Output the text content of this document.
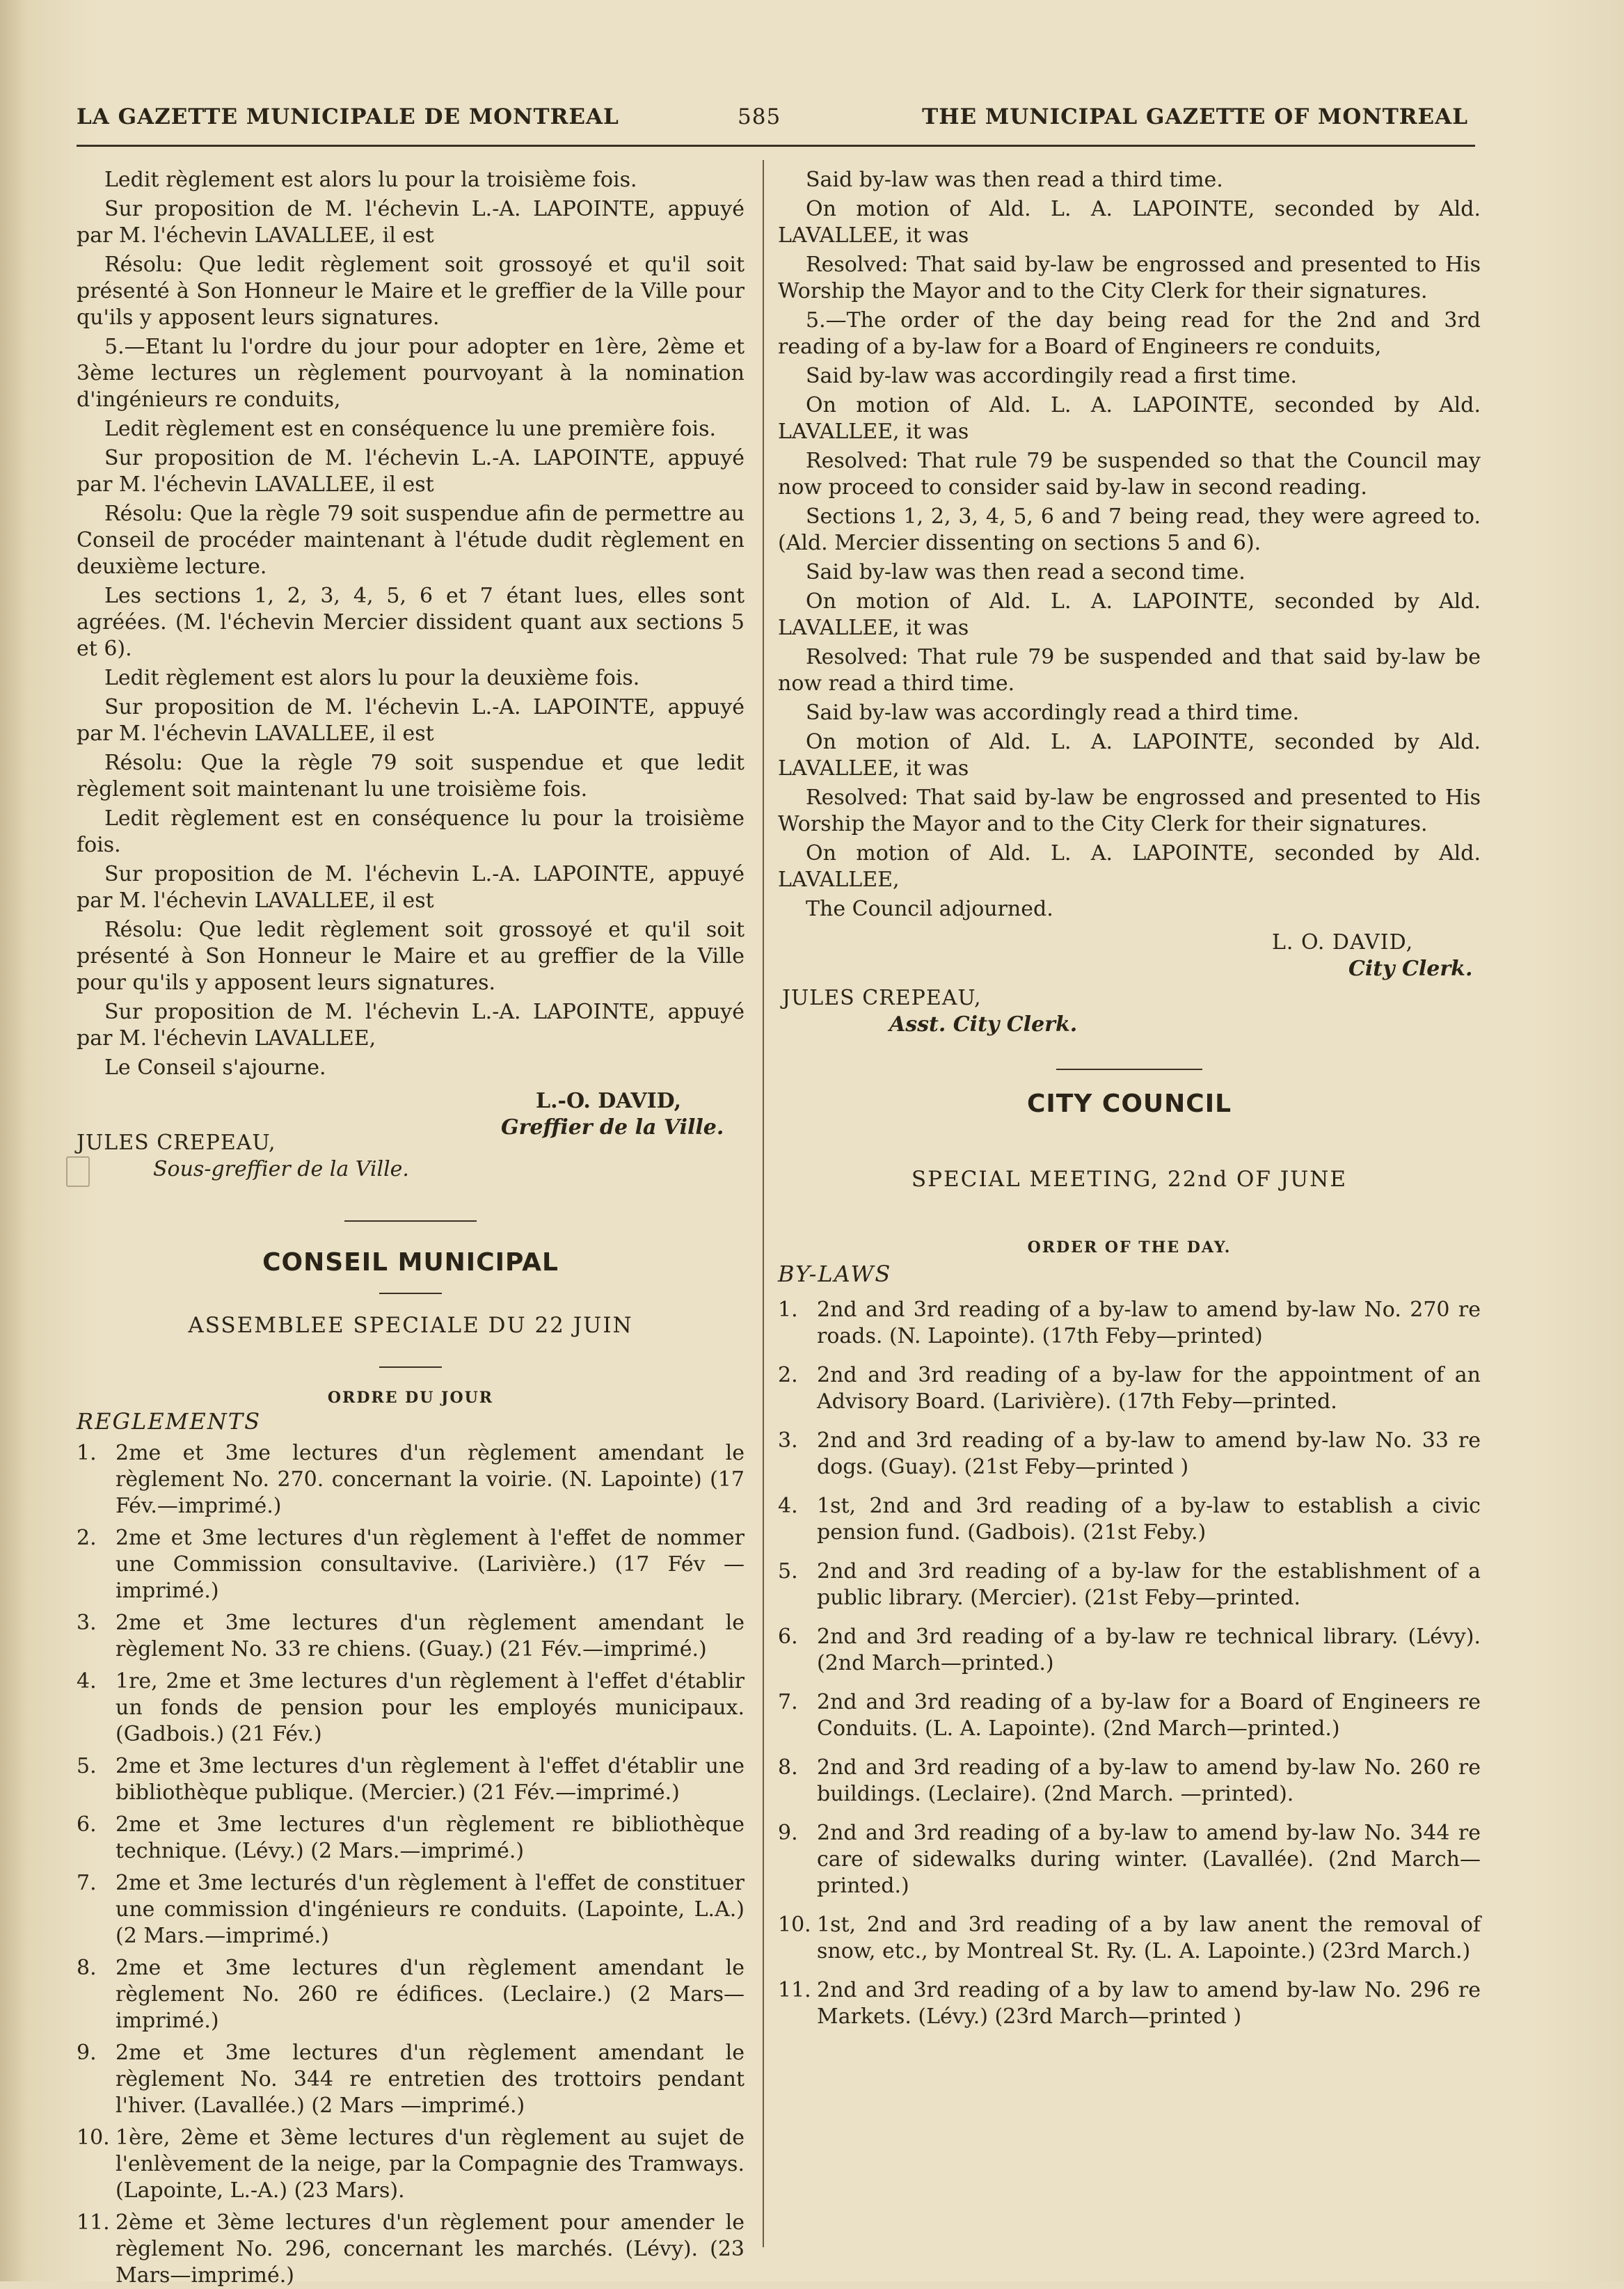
LA GAZETTE MUNICIPALE DE MONTREAL	585	THE MUNICIPAL GAZETTE OF MONTREAL

Ledit règlement est alors lu pour la troisième fois.

Sur proposition de M. l'échevin L.-A. LAPOINTE, appuyé par M. l'échevin LAVALLEE, il est

Résolu: Que ledit règlement soit grossoyé et qu'il soit présenté à Son Honneur le Maire et le greffier de la Ville pour qu'ils y apposent leurs signatures.

5.—Etant lu l'ordre du jour pour adopter en 1ère, 2ème et 3ème lectures un règlement pourvoyant à la nomination d'ingénieurs re conduits,

Ledit règlement est en conséquence lu une première fois.

Sur proposition de M. l'échevin L.-A. LAPOINTE, appuyé par M. l'échevin LAVALLEE, il est

Résolu: Que la règle 79 soit suspendue afin de permettre au Conseil de procéder maintenant à l'étude dudit règlement en deuxième lecture.

Les sections 1, 2, 3, 4, 5, 6 et 7 étant lues, elles sont agréées. (M. l'échevin Mercier dissident quant aux sections 5 et 6).

Ledit règlement est alors lu pour la deuxième fois.

Sur proposition de M. l'échevin L.-A. LAPOINTE, appuyé par M. l'échevin LAVALLEE, il est

Résolu: Que la règle 79 soit suspendue et que ledit règlement soit maintenant lu une troisième fois.

Ledit règlement est en conséquence lu pour la troisième fois.

Sur proposition de M. l'échevin L.-A. LAPOINTE, appuyé par M. l'échevin LAVALLEE, il est

Résolu: Que ledit règlement soit grossoyé et qu'il soit présenté à Son Honneur le Maire et au greffier de la Ville pour qu'ils y apposent leurs signatures.

Sur proposition de M. l'échevin L.-A. LAPOINTE, appuyé par M. l'échevin LAVALLEE,

Le Conseil s'ajourne.

L.-O. DAVID,
Greffier de la Ville.
JULES CREPEAU,
Sous-greffier de la Ville.
CONSEIL MUNICIPAL
ASSEMBLEE SPECIALE DU 22 JUIN
ORDRE DU JOUR
REGLEMENTS
1. 2me et 3me lectures d'un règlement amendant le règlement No. 270. concernant la voirie. (N. Lapointe) (17 Fév.—imprimé.)
2. 2me et 3me lectures d'un règlement à l'effet de nommer une Commission consultavive. (Larivière.) (17 Fév —imprimé.)
3. 2me et 3me lectures d'un règlement amendant le règlement No. 33 re chiens. (Guay.) (21 Fév.—imprimé.)
4. 1re, 2me et 3me lectures d'un règlement à l'effet d'établir un fonds de pension pour les employés municipaux. (Gadbois.) (21 Fév.)
5. 2me et 3me lectures d'un règlement à l'effet d'établir une bibliothèque publique. (Mercier.) (21 Fév.—imprimé.)
6. 2me et 3me lectures d'un règlement re bibliothèque technique. (Lévy.) (2 Mars.—imprimé.)
7. 2me et 3me lecturés d'un règlement à l'effet de constituer une commission d'ingénieurs re conduits. (Lapointe, L.A.) (2 Mars.—imprimé.)
8. 2me et 3me lectures d'un règlement amendant le règlement No. 260 re édifices. (Leclaire.) (2 Mars—imprimé.)
9. 2me et 3me lectures d'un règlement amendant le règlement No. 344 re entretien des trottoirs pendant l'hiver. (Lavallée.) (2 Mars —imprimé.)
10. 1ère, 2ème et 3ème lectures d'un règlement au sujet de l'enlèvement de la neige, par la Compagnie des Tramways. (Lapointe, L.-A.) (23 Mars).
11. 2ème et 3ème lectures d'un règlement pour amender le règlement No. 296, concernant les marchés. (Lévy). (23 Mars—imprimé.)

Said by-law was then read a third time.

On motion of Ald. L. A. LAPOINTE, seconded by Ald. LAVALLEE, it was

Resolved: That said by-law be engrossed and presented to His Worship the Mayor and to the City Clerk for their signatures.

5.—The order of the day being read for the 2nd and 3rd reading of a by-law for a Board of Engineers re conduits,

Said by-law was accordingily read a first time.

On motion of Ald. L. A. LAPOINTE, seconded by Ald. LAVALLEE, it was

Resolved: That rule 79 be suspended so that the Council may now proceed to consider said by-law in second reading.

Sections 1, 2, 3, 4, 5, 6 and 7 being read, they were agreed to. (Ald. Mercier dissenting on sections 5 and 6).

Said by-law was then read a second time.

On motion of Ald. L. A. LAPOINTE, seconded by Ald. LAVALLEE, it was

Resolved: That rule 79 be suspended and that said by-law be now read a third time.

Said by-law was accordingly read a third time.

On motion of Ald. L. A. LAPOINTE, seconded by Ald. LAVALLEE, it was

Resolved: That said by-law be engrossed and presented to His Worship the Mayor and to the City Clerk for their signatures.

On motion of Ald. L. A. LAPOINTE, seconded by Ald. LAVALLEE,

The Council adjourned.

L. O. DAVID,
City Clerk.
JULES CREPEAU,
Asst. City Clerk.
CITY COUNCIL
SPECIAL MEETING, 22nd OF JUNE
ORDER OF THE DAY.
BY-LAWS
1. 2nd and 3rd reading of a by-law to amend by-law No. 270 re roads. (N. Lapointe). (17th Feby—printed)
2. 2nd and 3rd reading of a by-law for the appointment of an Advisory Board. (Larivière). (17th Feby—printed.
3. 2nd and 3rd reading of a by-law to amend by-law No. 33 re dogs. (Guay). (21st Feby—printed )
4. 1st, 2nd and 3rd reading of a by-law to establish a civic pension fund. (Gadbois). (21st Feby.)
5. 2nd and 3rd reading of a by-law for the establishment of a public library. (Mercier). (21st Feby—printed.
6. 2nd and 3rd reading of a by-law re technical library. (Lévy). (2nd March—printed.)
7. 2nd and 3rd reading of a by-law for a Board of Engineers re Conduits. (L. A. Lapointe). (2nd March—printed.)
8. 2nd and 3rd reading of a by-law to amend by-law No. 260 re buildings. (Leclaire). (2nd March. —printed).
9. 2nd and 3rd reading of a by-law to amend by-law No. 344 re care of sidewalks during winter. (Lavallée). (2nd March—printed.)
10. 1st, 2nd and 3rd reading of a by law anent the removal of snow, etc., by Montreal St. Ry. (L. A. Lapointe.) (23rd March.)
11. 2nd and 3rd reading of a by law to amend by-law No. 296 re Markets. (Lévy.) (23rd March—printed )
